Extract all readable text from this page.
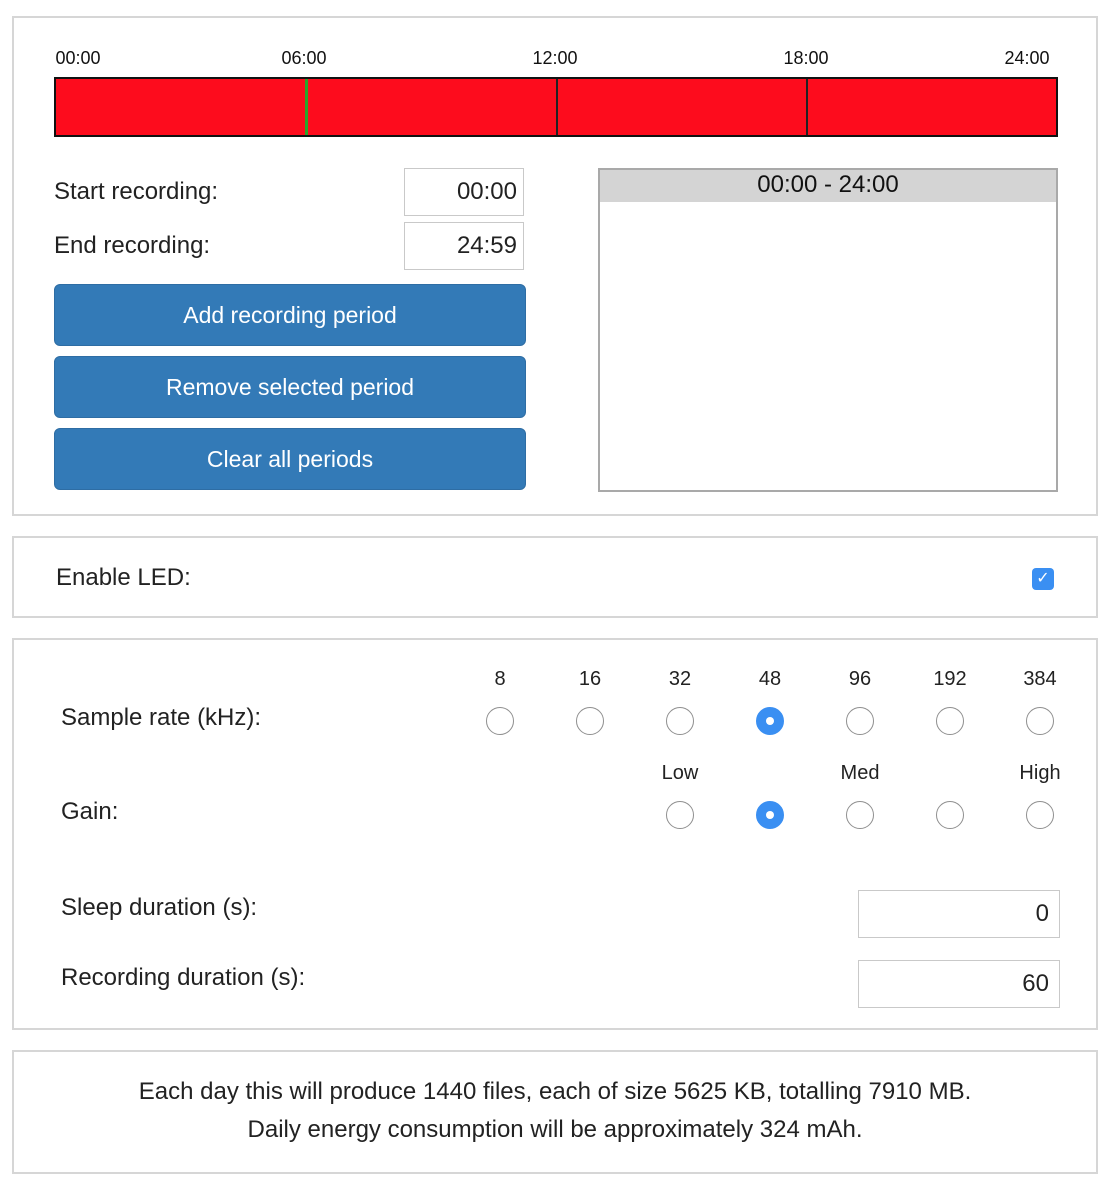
00:00	06:00	12:00	18:00	24:00
Start recording:
00:00
End recording:
24:59
Add recording period
Remove selected period
Clear all periods
00:00 - 24:00
Enable LED:	✓
Sample rate (kHz):
8	16	32	48	96	192	384
Gain:
Low	Med	High
Sleep duration (s):
0
Recording duration (s):
60
Each day this will produce 1440 files, each of size 5625 KB, totalling 7910 MB.
Daily energy consumption will be approximately 324 mAh.
